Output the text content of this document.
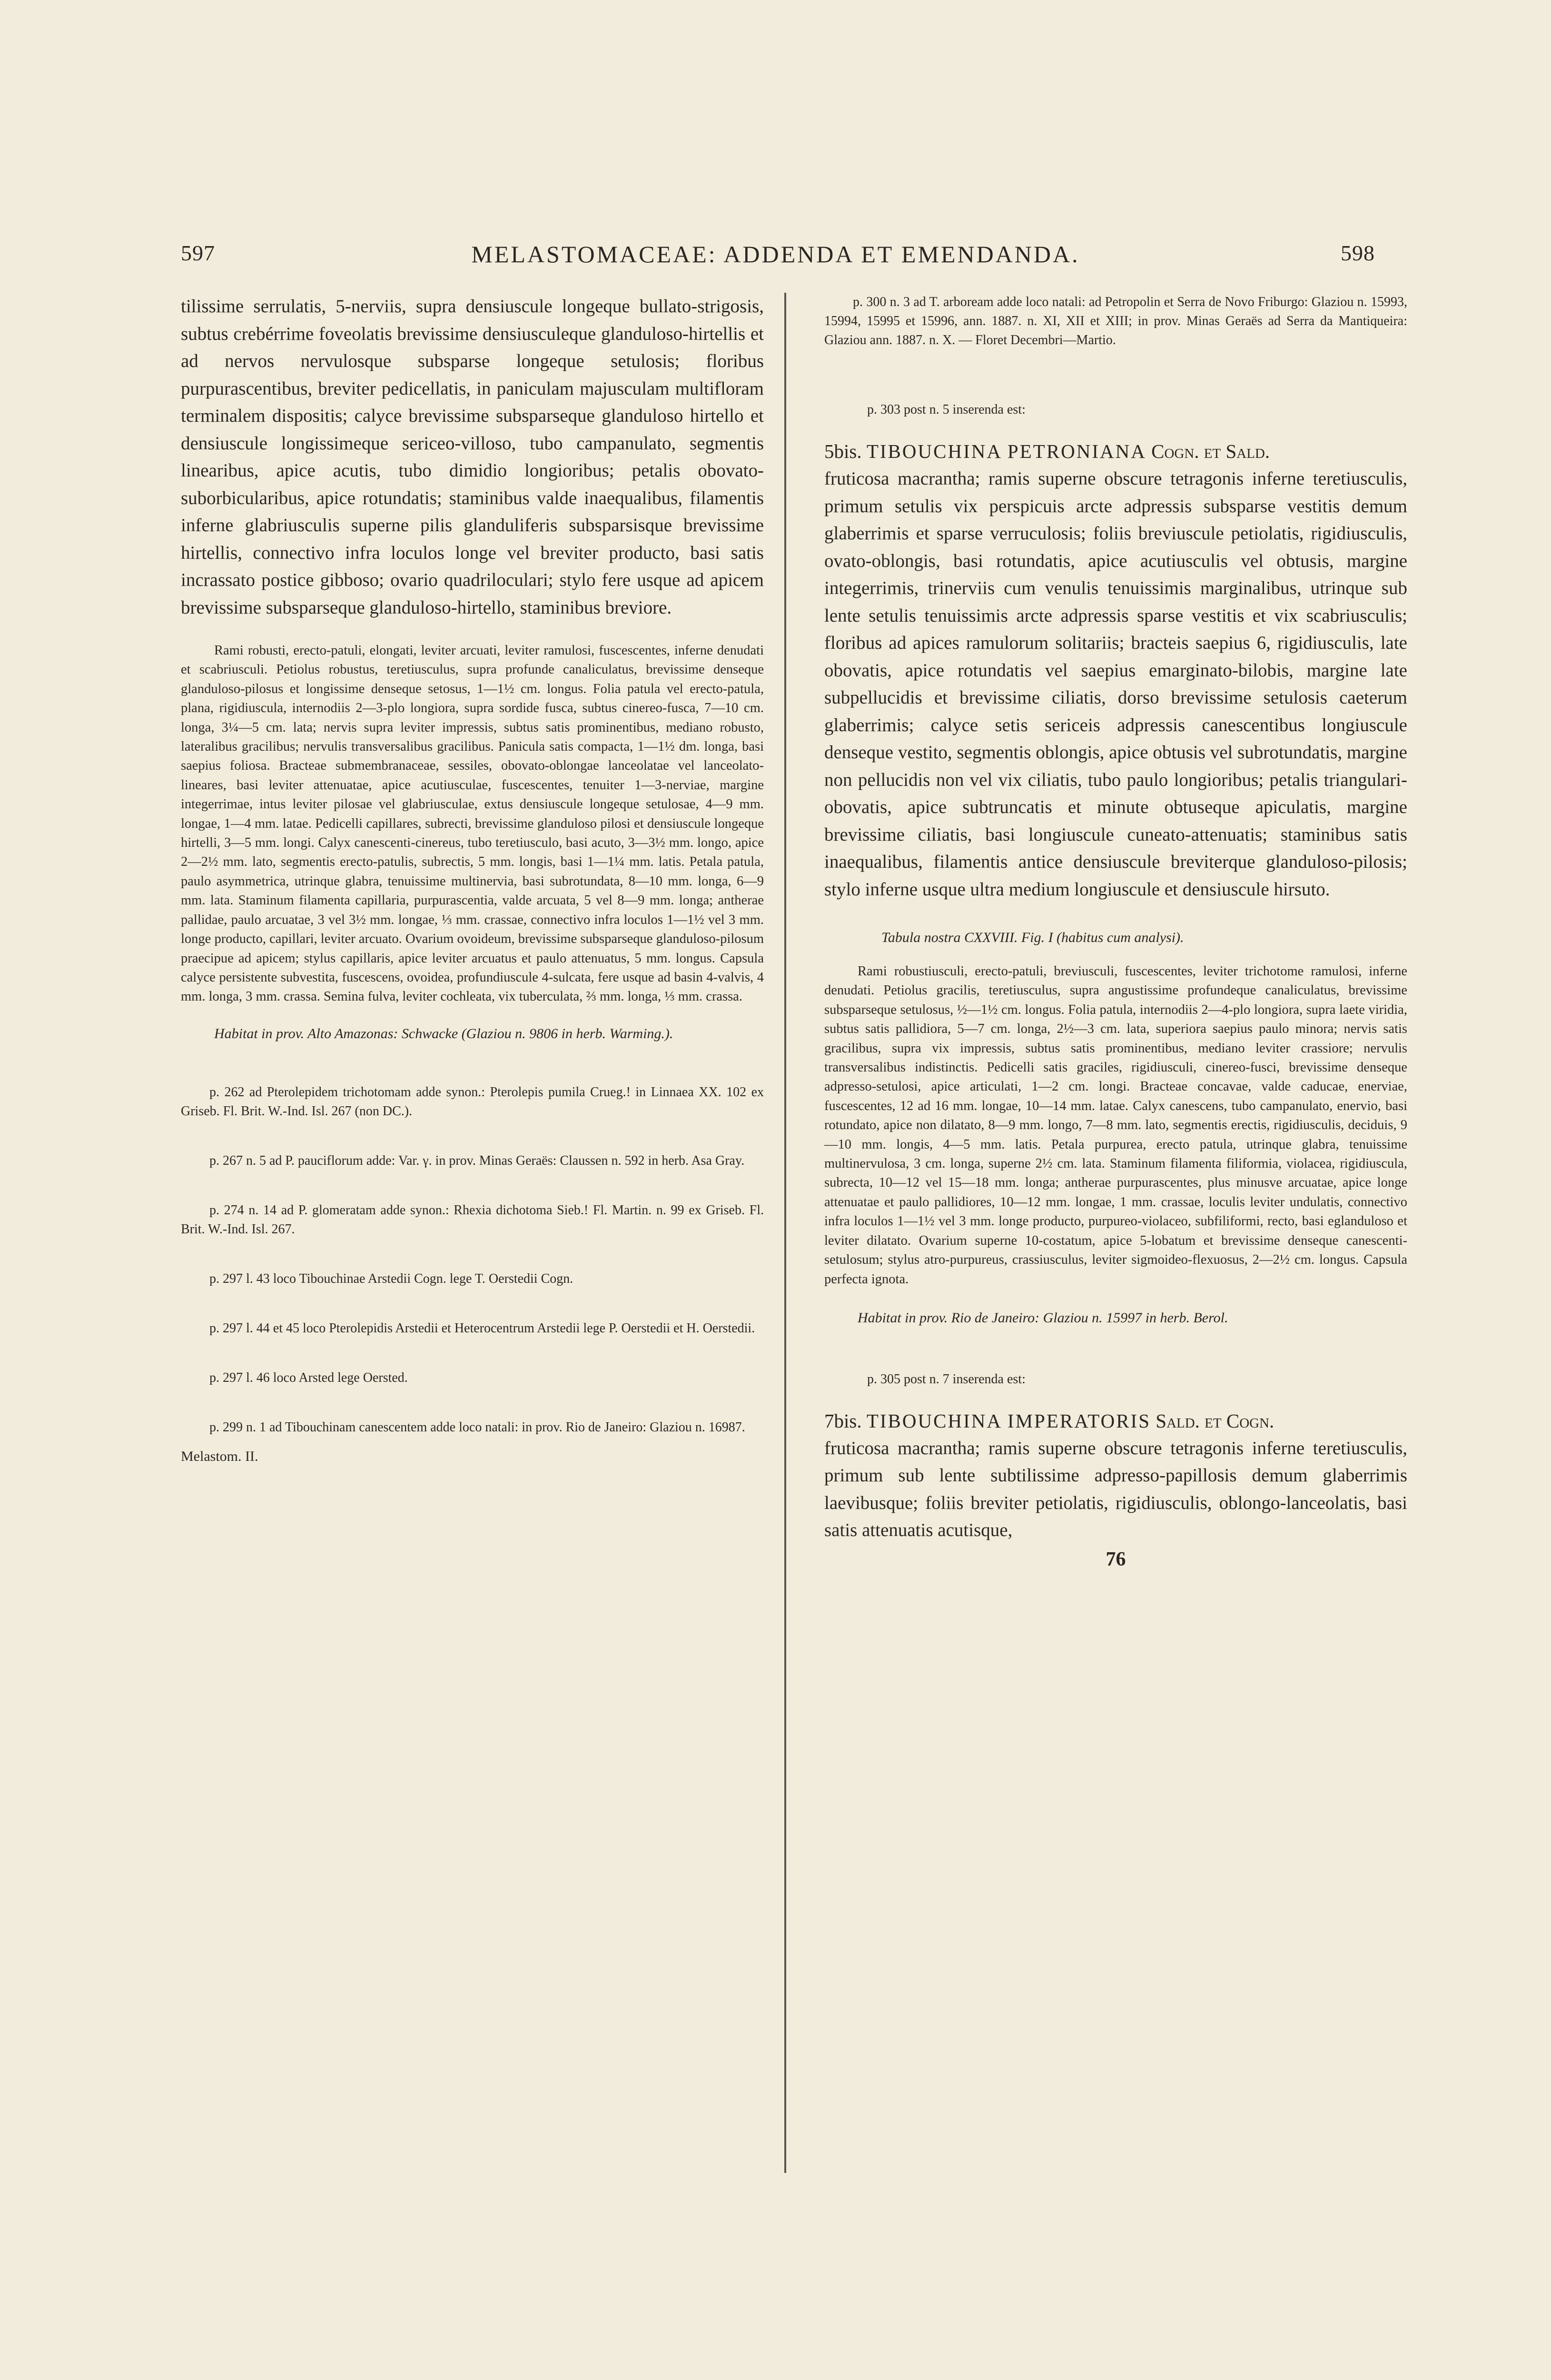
597	MELASTOMACEAE: ADDENDA ET EMENDANDA.	598

tilissime serrulatis, 5-nerviis, supra densiuscule longeque bullato-strigosis, subtus crebérrime foveolatis brevissime densiusculeque glanduloso-hirtellis et ad nervos nervulosque subsparse longeque setulosis; floribus purpurascentibus, breviter pedicellatis, in paniculam majusculam multifloram terminalem dispositis; calyce brevissime subsparseque glanduloso hirtello et densiuscule longissimeque sericeo-villoso, tubo campanulato, segmentis linearibus, apice acutis, tubo dimidio longioribus; petalis obovato-suborbicularibus, apice rotundatis; staminibus valde inaequalibus, filamentis inferne glabriusculis superne pilis glanduliferis subsparsisque brevissime hirtellis, connectivo infra loculos longe vel breviter producto, basi satis incrassato postice gibboso; ovario quadriloculari; stylo fere usque ad apicem brevissime subsparseque glanduloso-hirtello, staminibus breviore.

Rami robusti, erecto-patuli, elongati, leviter arcuati, leviter ramulosi, fuscescentes, inferne denudati et scabriusculi. Petiolus robustus, teretiusculus, supra profunde canaliculatus, brevissime denseque glanduloso-pilosus et longissime denseque setosus, 1—1½ cm. longus. Folia patula vel erecto-patula, plana, rigidiuscula, internodiis 2—3-plo longiora, supra sordide fusca, subtus cinereo-fusca, 7—10 cm. longa, 3¼—5 cm. lata; nervis supra leviter impressis, subtus satis prominentibus, mediano robusto, lateralibus gracilibus; nervulis transversalibus gracilibus. Panicula satis compacta, 1—1½ dm. longa, basi saepius foliosa. Bracteae submembranaceae, sessiles, obovato-oblongae lanceolatae vel lanceolato-lineares, basi leviter attenuatae, apice acutiusculae, fuscescentes, tenuiter 1—3-nerviae, margine integerrimae, intus leviter pilosae vel glabriusculae, extus densiuscule longeque setulosae, 4—9 mm. longae, 1—4 mm. latae. Pedicelli capillares, subrecti, brevissime glanduloso pilosi et densiuscule longeque hirtelli, 3—5 mm. longi. Calyx canescenti-cinereus, tubo teretiusculo, basi acuto, 3—3½ mm. longo, apice 2—2½ mm. lato, segmentis erecto-patulis, subrectis, 5 mm. longis, basi 1—1¼ mm. latis. Petala patula, paulo asymmetrica, utrinque glabra, tenuissime multinervia, basi subrotundata, 8—10 mm. longa, 6—9 mm. lata. Staminum filamenta capillaria, purpurascentia, valde arcuata, 5 vel 8—9 mm. longa; antherae pallidae, paulo arcuatae, 3 vel 3½ mm. longae, ⅓ mm. crassae, connectivo infra loculos 1—1½ vel 3 mm. longe producto, capillari, leviter arcuato. Ovarium ovoideum, brevissime subsparseque glanduloso-pilosum praecipue ad apicem; stylus capillaris, apice leviter arcuatus et paulo attenuatus, 5 mm. longus. Capsula calyce persistente subvestita, fuscescens, ovoidea, profundiuscule 4-sulcata, fere usque ad basin 4-valvis, 4 mm. longa, 3 mm. crassa. Semina fulva, leviter cochleata, vix tuberculata, ⅔ mm. longa, ⅓ mm. crassa.

Habitat in prov. Alto Amazonas: Schwacke (Glaziou n. 9806 in herb. Warming.).

p. 262 ad Pterolepidem trichotomam adde synon.: Pterolepis pumila Crueg.! in Linnaea XX. 102 ex Griseb. Fl. Brit. W.-Ind. Isl. 267 (non DC.).

p. 267 n. 5 ad P. pauciflorum adde: Var. γ. in prov. Minas Geraës: Claussen n. 592 in herb. Asa Gray.

p. 274 n. 14 ad P. glomeratam adde synon.: Rhexia dichotoma Sieb.! Fl. Martin. n. 99 ex Griseb. Fl. Brit. W.-Ind. Isl. 267.

p. 297 l. 43 loco Tibouchinae Arstedii Cogn. lege T. Oerstedii Cogn.

p. 297 l. 44 et 45 loco Pterolepidis Arstedii et Heterocentrum Arstedii lege P. Oerstedii et H. Oerstedii.

p. 297 l. 46 loco Arsted lege Oersted.

p. 299 n. 1 ad Tibouchinam canescentem adde loco natali: in prov. Rio de Janeiro: Glaziou n. 16987.

Melastom. II.

p. 300 n. 3 ad T. arboream adde loco natali: ad Petropolin et Serra de Novo Friburgo: Glaziou n. 15993, 15994, 15995 et 15996, ann. 1887. n. XI, XII et XIII; in prov. Minas Geraës ad Serra da Mantiqueira: Glaziou ann. 1887. n. X. — Floret Decembri—Martio.

p. 303 post n. 5 inserenda est:

5bis. TIBOUCHINA PETRONIANA Cogn. et Sald.

fruticosa macrantha; ramis superne obscure tetragonis inferne teretiusculis, primum setulis vix perspicuis arcte adpressis subsparse vestitis demum glaberrimis et sparse verruculosis; foliis breviuscule petiolatis, rigidiusculis, ovato-oblongis, basi rotundatis, apice acutiusculis vel obtusis, margine integerrimis, trinerviis cum venulis tenuissimis marginalibus, utrinque sub lente setulis tenuissimis arcte adpressis sparse vestitis et vix scabriusculis; floribus ad apices ramulorum solitariis; bracteis saepius 6, rigidiusculis, late obovatis, apice rotundatis vel saepius emarginato-bilobis, margine late subpellucidis et brevissime ciliatis, dorso brevissime setulosis caeterum glaberrimis; calyce setis sericeis adpressis canescentibus longiuscule denseque vestito, segmentis oblongis, apice obtusis vel subrotundatis, margine non pellucidis non vel vix ciliatis, tubo paulo longioribus; petalis triangulari-obovatis, apice subtruncatis et minute obtuseque apiculatis, margine brevissime ciliatis, basi longiuscule cuneato-attenuatis; staminibus satis inaequalibus, filamentis antice densiuscule breviterque glanduloso-pilosis; stylo inferne usque ultra medium longiuscule et densiuscule hirsuto.

Tabula nostra CXXVIII. Fig. I (habitus cum analysi).

Rami robustiusculi, erecto-patuli, breviusculi, fuscescentes, leviter trichotome ramulosi, inferne denudati. Petiolus gracilis, teretiusculus, supra angustissime profundeque canaliculatus, brevissime subsparseque setulosus, ½—1½ cm. longus. Folia patula, internodiis 2—4-plo longiora, supra laete viridia, subtus satis pallidiora, 5—7 cm. longa, 2½—3 cm. lata, superiora saepius paulo minora; nervis satis gracilibus, supra vix impressis, subtus satis prominentibus, mediano leviter crassiore; nervulis transversalibus indistinctis. Pedicelli satis graciles, rigidiusculi, cinereo-fusci, brevissime denseque adpresso-setulosi, apice articulati, 1—2 cm. longi. Bracteae concavae, valde caducae, enerviae, fuscescentes, 12 ad 16 mm. longae, 10—14 mm. latae. Calyx canescens, tubo campanulato, enervio, basi rotundato, apice non dilatato, 8—9 mm. longo, 7—8 mm. lato, segmentis erectis, rigidiusculis, deciduis, 9—10 mm. longis, 4—5 mm. latis. Petala purpurea, erecto patula, utrinque glabra, tenuissime multinervulosa, 3 cm. longa, superne 2½ cm. lata. Staminum filamenta filiformia, violacea, rigidiuscula, subrecta, 10—12 vel 15—18 mm. longa; antherae purpurascentes, plus minusve arcuatae, apice longe attenuatae et paulo pallidiores, 10—12 mm. longae, 1 mm. crassae, loculis leviter undulatis, connectivo infra loculos 1—1½ vel 3 mm. longe producto, purpureo-violaceo, subfiliformi, recto, basi eglanduloso et leviter dilatato. Ovarium superne 10-costatum, apice 5-lobatum et brevissime denseque canescenti-setulosum; stylus atro-purpureus, crassiusculus, leviter sigmoideo-flexuosus, 2—2½ cm. longus. Capsula perfecta ignota.

Habitat in prov. Rio de Janeiro: Glaziou n. 15997 in herb. Berol.

p. 305 post n. 7 inserenda est:

7bis. TIBOUCHINA IMPERATORIS Sald. et Cogn.

fruticosa macrantha; ramis superne obscure tetragonis inferne teretiusculis, primum sub lente subtilissime adpresso-papillosis demum glaberrimis laevibusque; foliis breviter petiolatis, rigidiusculis, oblongo-lanceolatis, basi satis attenuatis acutisque,

76
